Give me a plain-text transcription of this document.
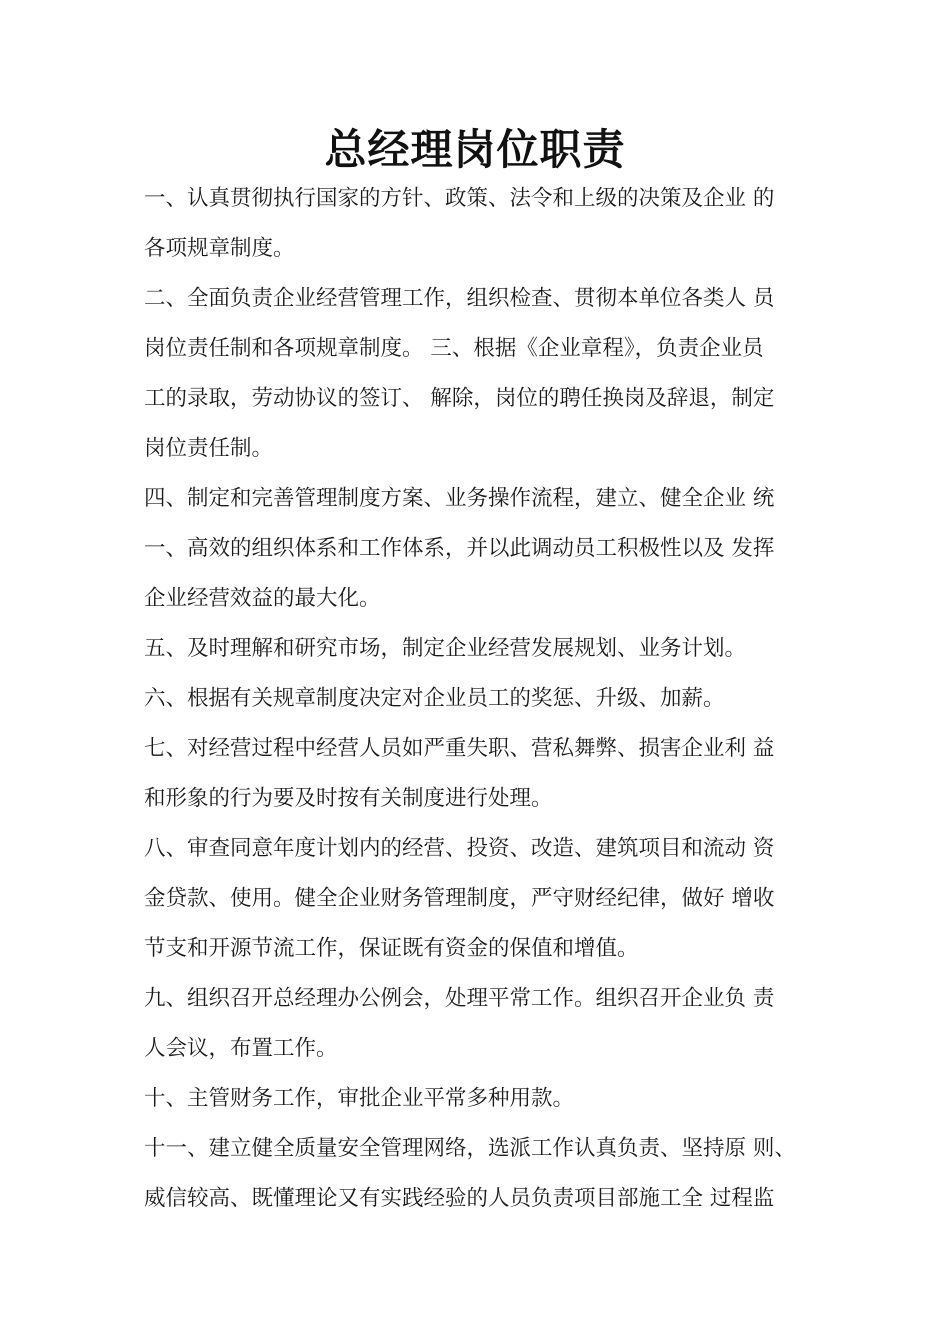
总经理岗位职责
一、认真贯彻执行国家的方针、政策、法令和上级的决策及企业 的
各项规章制度。
二、全面负责企业经营管理工作，组织检查、贯彻本单位各类人 员
岗位责任制和各项规章制度。 三、根据《企业章程》，负责企业员
工的录取，劳动协议的签订、 解除，岗位的聘任换岗及辞退，制定
岗位责任制。
四、制定和完善管理制度方案、业务操作流程，建立、健全企业 统
一、高效的组织体系和工作体系，并以此调动员工积极性以及 发挥
企业经营效益的最大化。
五、及时理解和研究市场，制定企业经营发展规划、业务计划。
六、根据有关规章制度决定对企业员工的奖惩、升级、加薪。
七、对经营过程中经营人员如严重失职、营私舞弊、损害企业利 益
和形象的行为要及时按有关制度进行处理。
八、审查同意年度计划内的经营、投资、改造、建筑项目和流动 资
金贷款、使用。健全企业财务管理制度，严守财经纪律，做好 增收
节支和开源节流工作，保证既有资金的保值和增值。
九、组织召开总经理办公例会，处理平常工作。组织召开企业负 责
人会议，布置工作。
十、主管财务工作，审批企业平常多种用款。
十一、建立健全质量安全管理网络，选派工作认真负责、坚持原 则、
威信较高、既懂理论又有实践经验的人员负责项目部施工全 过程监
